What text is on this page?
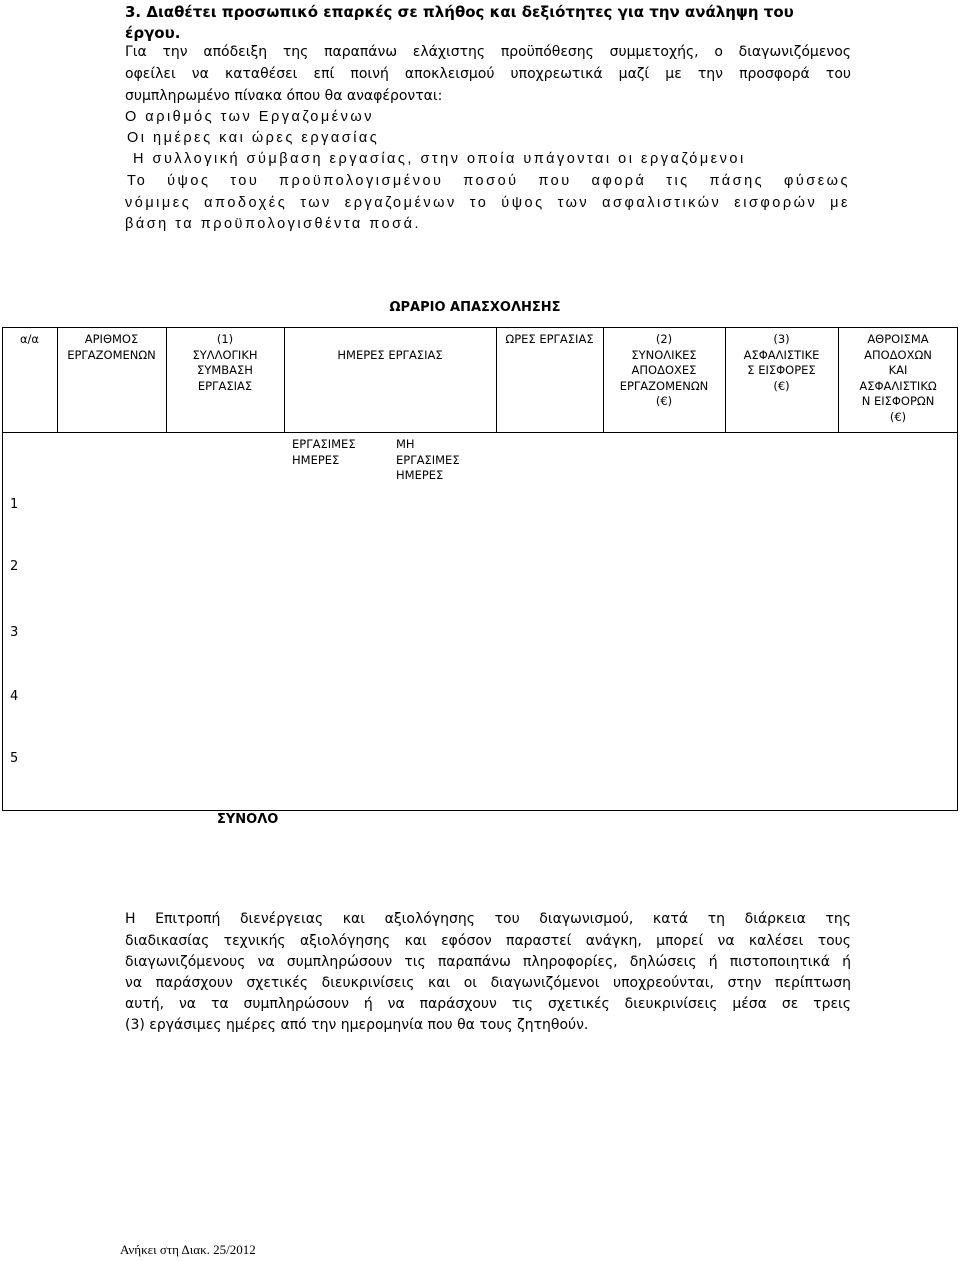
3. Διαθέτει προσωπικό επαρκές σε πλήθος και δεξιότητες για την ανάληψη του
έργου.
Για την απόδειξη της παραπάνω ελάχιστης προϋπόθεσης συμμετοχής, ο διαγωνιζόμενος
οφείλει να καταθέσει επί ποινή αποκλεισμού υποχρεωτικά μαζί με την προσφορά του
συμπληρωμένο πίνακα όπου θα αναφέρονται:
Ο αριθμός των Εργαζομένων
Οι ημέρες και ώρες εργασίας
Η συλλογική σύμβαση εργασίας, στην οποία υπάγονται οι εργαζόμενοι
Το ύψος του προϋπολογισμένου ποσού που αφορά τις πάσης φύσεως
νόμιμες αποδοχές των εργαζομένων το ύψος των ασφαλιστικών εισφορών με
βάση τα προϋπολογισθέντα ποσά.
ΩΡΑΡΙΟ ΑΠΑΣΧΟΛΗΣΗΣ
α/α	ΑΡΙΘΜΟΣ
ΕΡΓΑΖΟΜΕΝΩΝ
(1)
ΣΥΛΛΟΓΙΚΗ
ΣΥΜΒΑΣΗ
ΕΡΓΑΣΙΑΣ
ΗΜΕΡΕΣ ΕΡΓΑΣΙΑΣ
ΩΡΕΣ ΕΡΓΑΣΙΑΣ	(2)
ΣΥΝΟΛΙΚΕΣ
ΑΠΟΔΟΧΕΣ
ΕΡΓΑΖΟΜΕΝΩΝ
(€)
(3)
ΑΣΦΑΛΙΣΤΙΚΕ
Σ ΕΙΣΦΟΡΕΣ
(€)
ΑΘΡΟΙΣΜΑ
ΑΠΟΔΟΧΩΝ
ΚΑΙ
ΑΣΦΑΛΙΣΤΙΚΩ
Ν ΕΙΣΦΟΡΩΝ
(€)
ΕΡΓΑΣΙΜΕΣ
ΗΜΕΡΕΣ
ΜΗ
ΕΡΓΑΣΙΜΕΣ
ΗΜΕΡΕΣ
1
2
3
4
5
ΣΥΝΟΛΟ
Η Επιτροπή διενέργειας και αξιολόγησης του διαγωνισμού, κατά τη διάρκεια της
διαδικασίας τεχνικής αξιολόγησης και εφόσον παραστεί ανάγκη, μπορεί να καλέσει τους
διαγωνιζόμενους να συμπληρώσουν τις παραπάνω πληροφορίες, δηλώσεις ή πιστοποιητικά ή
να παράσχουν σχετικές διευκρινίσεις και οι διαγωνιζόμενοι υποχρεούνται, στην περίπτωση
αυτή, να τα συμπληρώσουν ή να παράσχουν τις σχετικές διευκρινίσεις μέσα σε τρεις
(3) εργάσιμες ημέρες από την ημερομηνία που θα τους ζητηθούν.
Ανήκει στη Διακ. 25/2012
